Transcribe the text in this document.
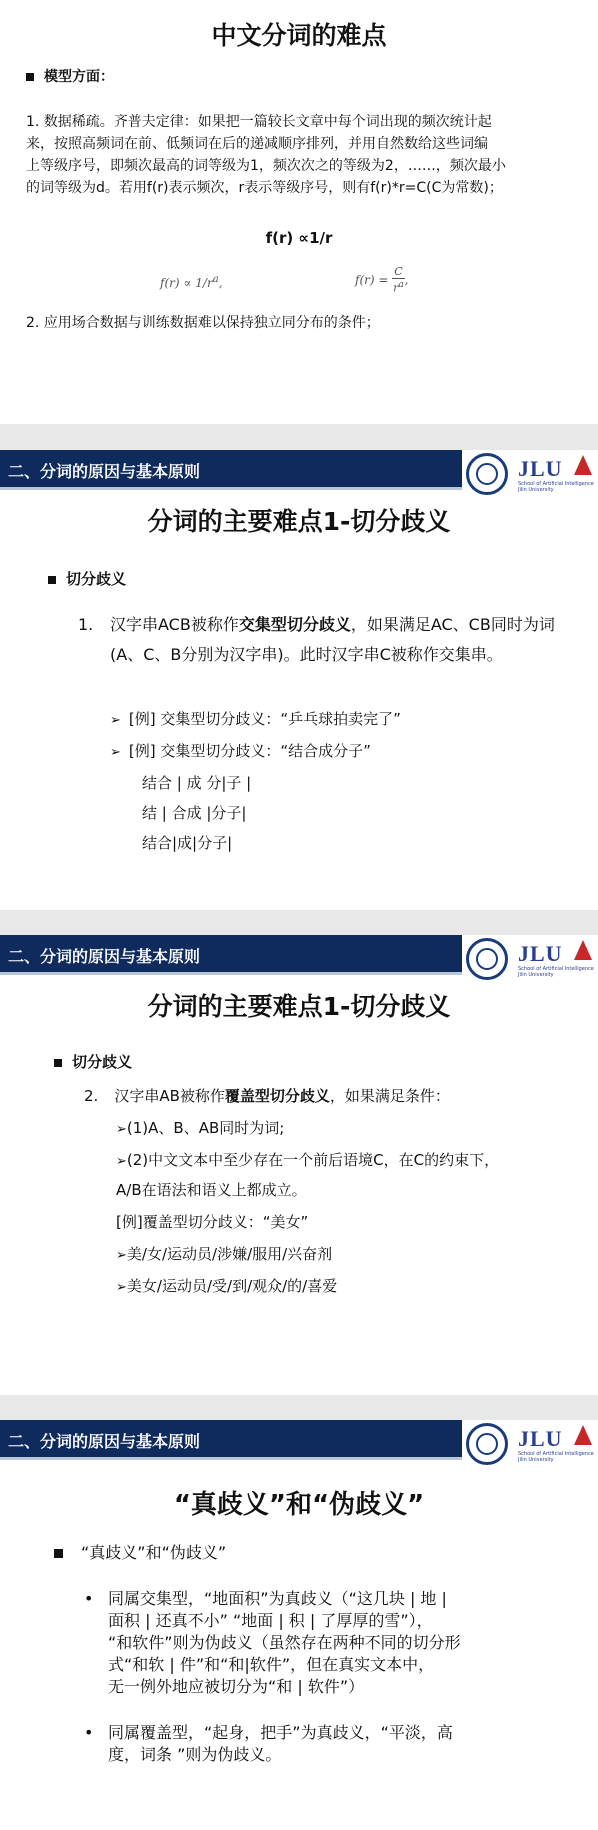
中文分词的难点
模型方面：
1. 数据稀疏。齐普夫定律：如果把一篇较长文章中每个词出现的频次统计起
来，按照高频词在前、低频词在后的递减顺序排列，并用自然数给这些词编
上等级序号，即频次最高的词等级为1，频次次之的等级为2，……，频次最小
的词等级为d。若用f(r)表示频次，r表示等级序号，则有f(r)*r=C(C为常数)；
f(r) ∝1/r
$f(r) \propto 1/r^a$,	$f(r) = \frac{C}{r^a}$ ,
2. 应用场合数据与训练数据难以保持独立同分布的条件；
二、分词的原因与基本原则	JLU
School of Artificial Intelligence
Jilin University
分词的主要难点1-切分歧义
切分歧义
1. 汉字串ACB被称作交集型切分歧义，如果满足AC、CB同时为词(A、C、B分别为汉字串)。此时汉字串C被称作交集串。
➢ [例] 交集型切分歧义：“乒乓球拍卖完了”
➢ [例] 交集型切分歧义：“结合成分子”
结合 | 成 分|子 |
结 | 合成 |分子|
结合|成|分子|
二、分词的原因与基本原则	JLU
School of Artificial Intelligence
Jilin University
分词的主要难点1-切分歧义
切分歧义
2. 汉字串AB被称作覆盖型切分歧义，如果满足条件：
➢(1)A、B、AB同时为词;
➢(2)中文文本中至少存在一个前后语境C，在C的约束下，
A/B在语法和语义上都成立。
[例]覆盖型切分歧义：“美女”
➢美/女/运动员/涉嫌/服用/兴奋剂
➢美女/运动员/受/到/观众/的/喜爱
二、分词的原因与基本原则	JLU
School of Artificial Intelligence
Jilin University
“真歧义”和“伪歧义”
“真歧义”和“伪歧义”
• 同属交集型，“地面积”为真歧义（“这几块 | 地 |
面积 | 还真不小” “地面 | 积 | 了厚厚的雪”），
“和软件”则为伪歧义（虽然存在两种不同的切分形
式“和软 | 件”和“和|软件”，但在真实文本中，
无一例外地应被切分为“和 | 软件”）
• 同属覆盖型，“起身，把手”为真歧义，“平淡，高
度，词条 ”则为伪歧义。
